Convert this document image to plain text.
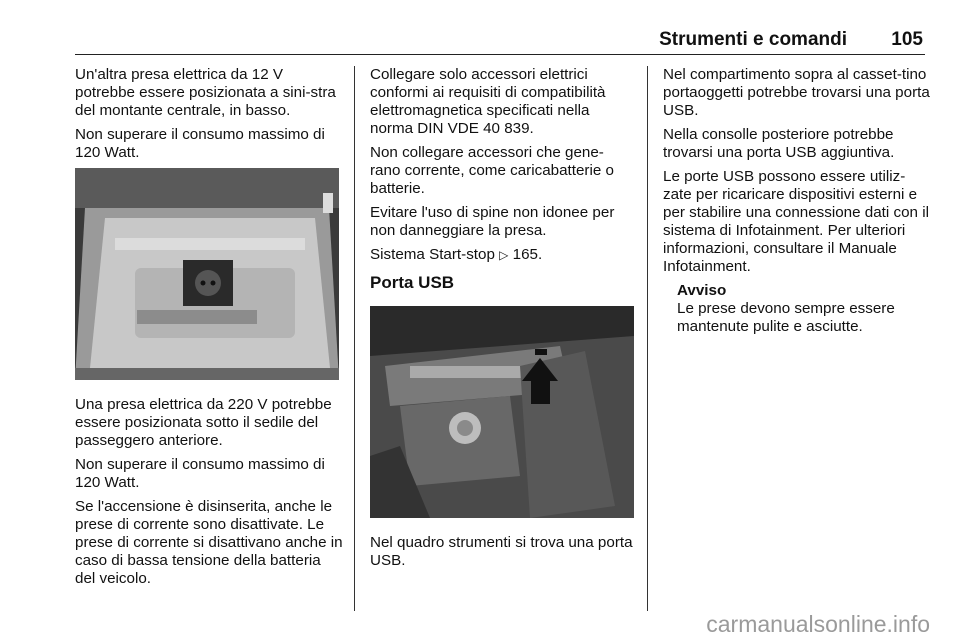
Strumenti e comandi 105

Un'altra presa elettrica da 12 V potrebbe essere posizionata a sini-stra del montante centrale, in basso.

Non superare il consumo massimo di 120 Watt.

Una presa elettrica da 220 V potrebbe essere posizionata sotto il sedile del passeggero anteriore.

Non superare il consumo massimo di 120 Watt.

Se l'accensione è disinserita, anche le prese di corrente sono disattivate. Le prese di corrente si disattivano anche in caso di bassa tensione della batteria del veicolo.

Collegare solo accessori elettrici conformi ai requisiti di compatibilità elettromagnetica specificati nella norma DIN VDE 40 839.

Non collegare accessori che gene-rano corrente, come caricabatterie o batterie.

Evitare l'uso di spine non idonee per non danneggiare la presa.

Sistema Start-stop ▷ 165.

Porta USB

Nel quadro strumenti si trova una porta USB.

Nel compartimento sopra al casset-tino portaoggetti potrebbe trovarsi una porta USB.

Nella consolle posteriore potrebbe trovarsi una porta USB aggiuntiva.

Le porte USB possono essere utiliz-zate per ricaricare dispositivi esterni e per stabilire una connessione dati con il sistema di Infotainment. Per ulteriori informazioni, consultare il Manuale Infotainment.

Avviso
Le prese devono sempre essere mantenute pulite e asciutte.
carmanualsonline.info
